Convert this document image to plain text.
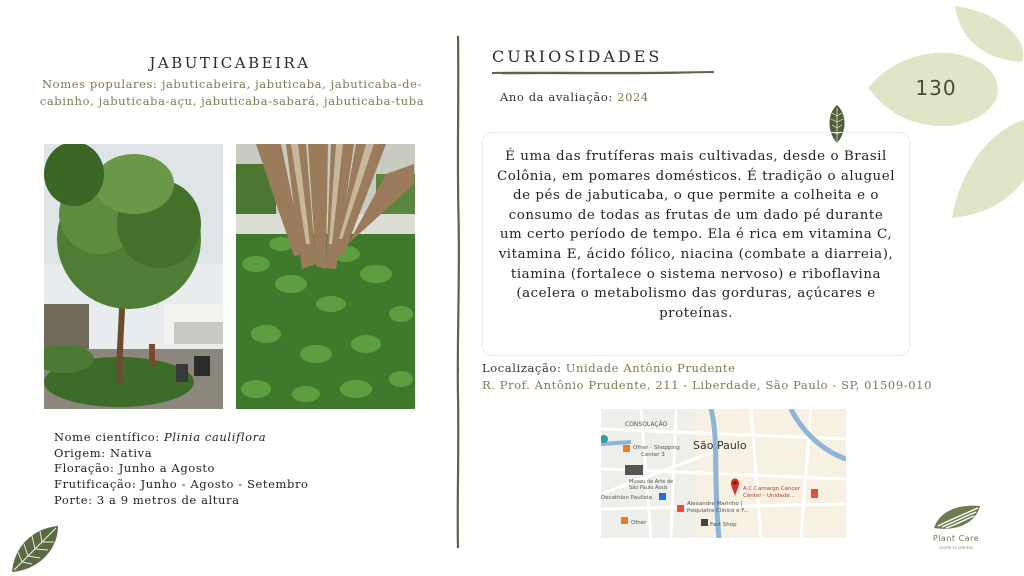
130
JABUTICABEIRA
Nomes populares: jabuticabeira, jabuticaba, jabuticaba-de-cabinho, jabuticaba-açu, jabuticaba-sabará, jabuticaba-tuba
Nome científico: Plinia cauliflora
Origem: Nativa
Floração: Junho a Agosto
Frutificação: Junho - Agosto - Setembro
Porte: 3 a 9 metros de altura
CURIOSIDADES
Ano da avaliação: 2024
É uma das frutíferas mais cultivadas, desde o Brasil Colônia, em pomares domésticos. É tradição o aluguel de pés de jabuticaba, o que permite a colheita e o consumo de todas as frutas de um dado pé durante um certo período de tempo. Ela é rica em vitamina C, vitamina E, ácido fólico, niacina (combate a diarreia), tiamina (fortalece o sistema nervoso) e riboflavina (acelera o metabolismo das gorduras, açúcares e proteínas.
Localização: Unidade Antônio Prudente
R. Prof. Antônio Prudente, 211 - Liberdade, São Paulo - SP, 01509-010
CONSOLAÇÃO
São Paulo
Ofner - Shopping
Center 3
Museu de Arte de
São Paulo Assis
Decathlon Paulista
Alexandre Marinho |
Psiquiatra Clínico e F...
A.C.Camargo Cancer
Center - Unidade...
Ofner	Fast Shop
Plant Care
saúde as plantas
